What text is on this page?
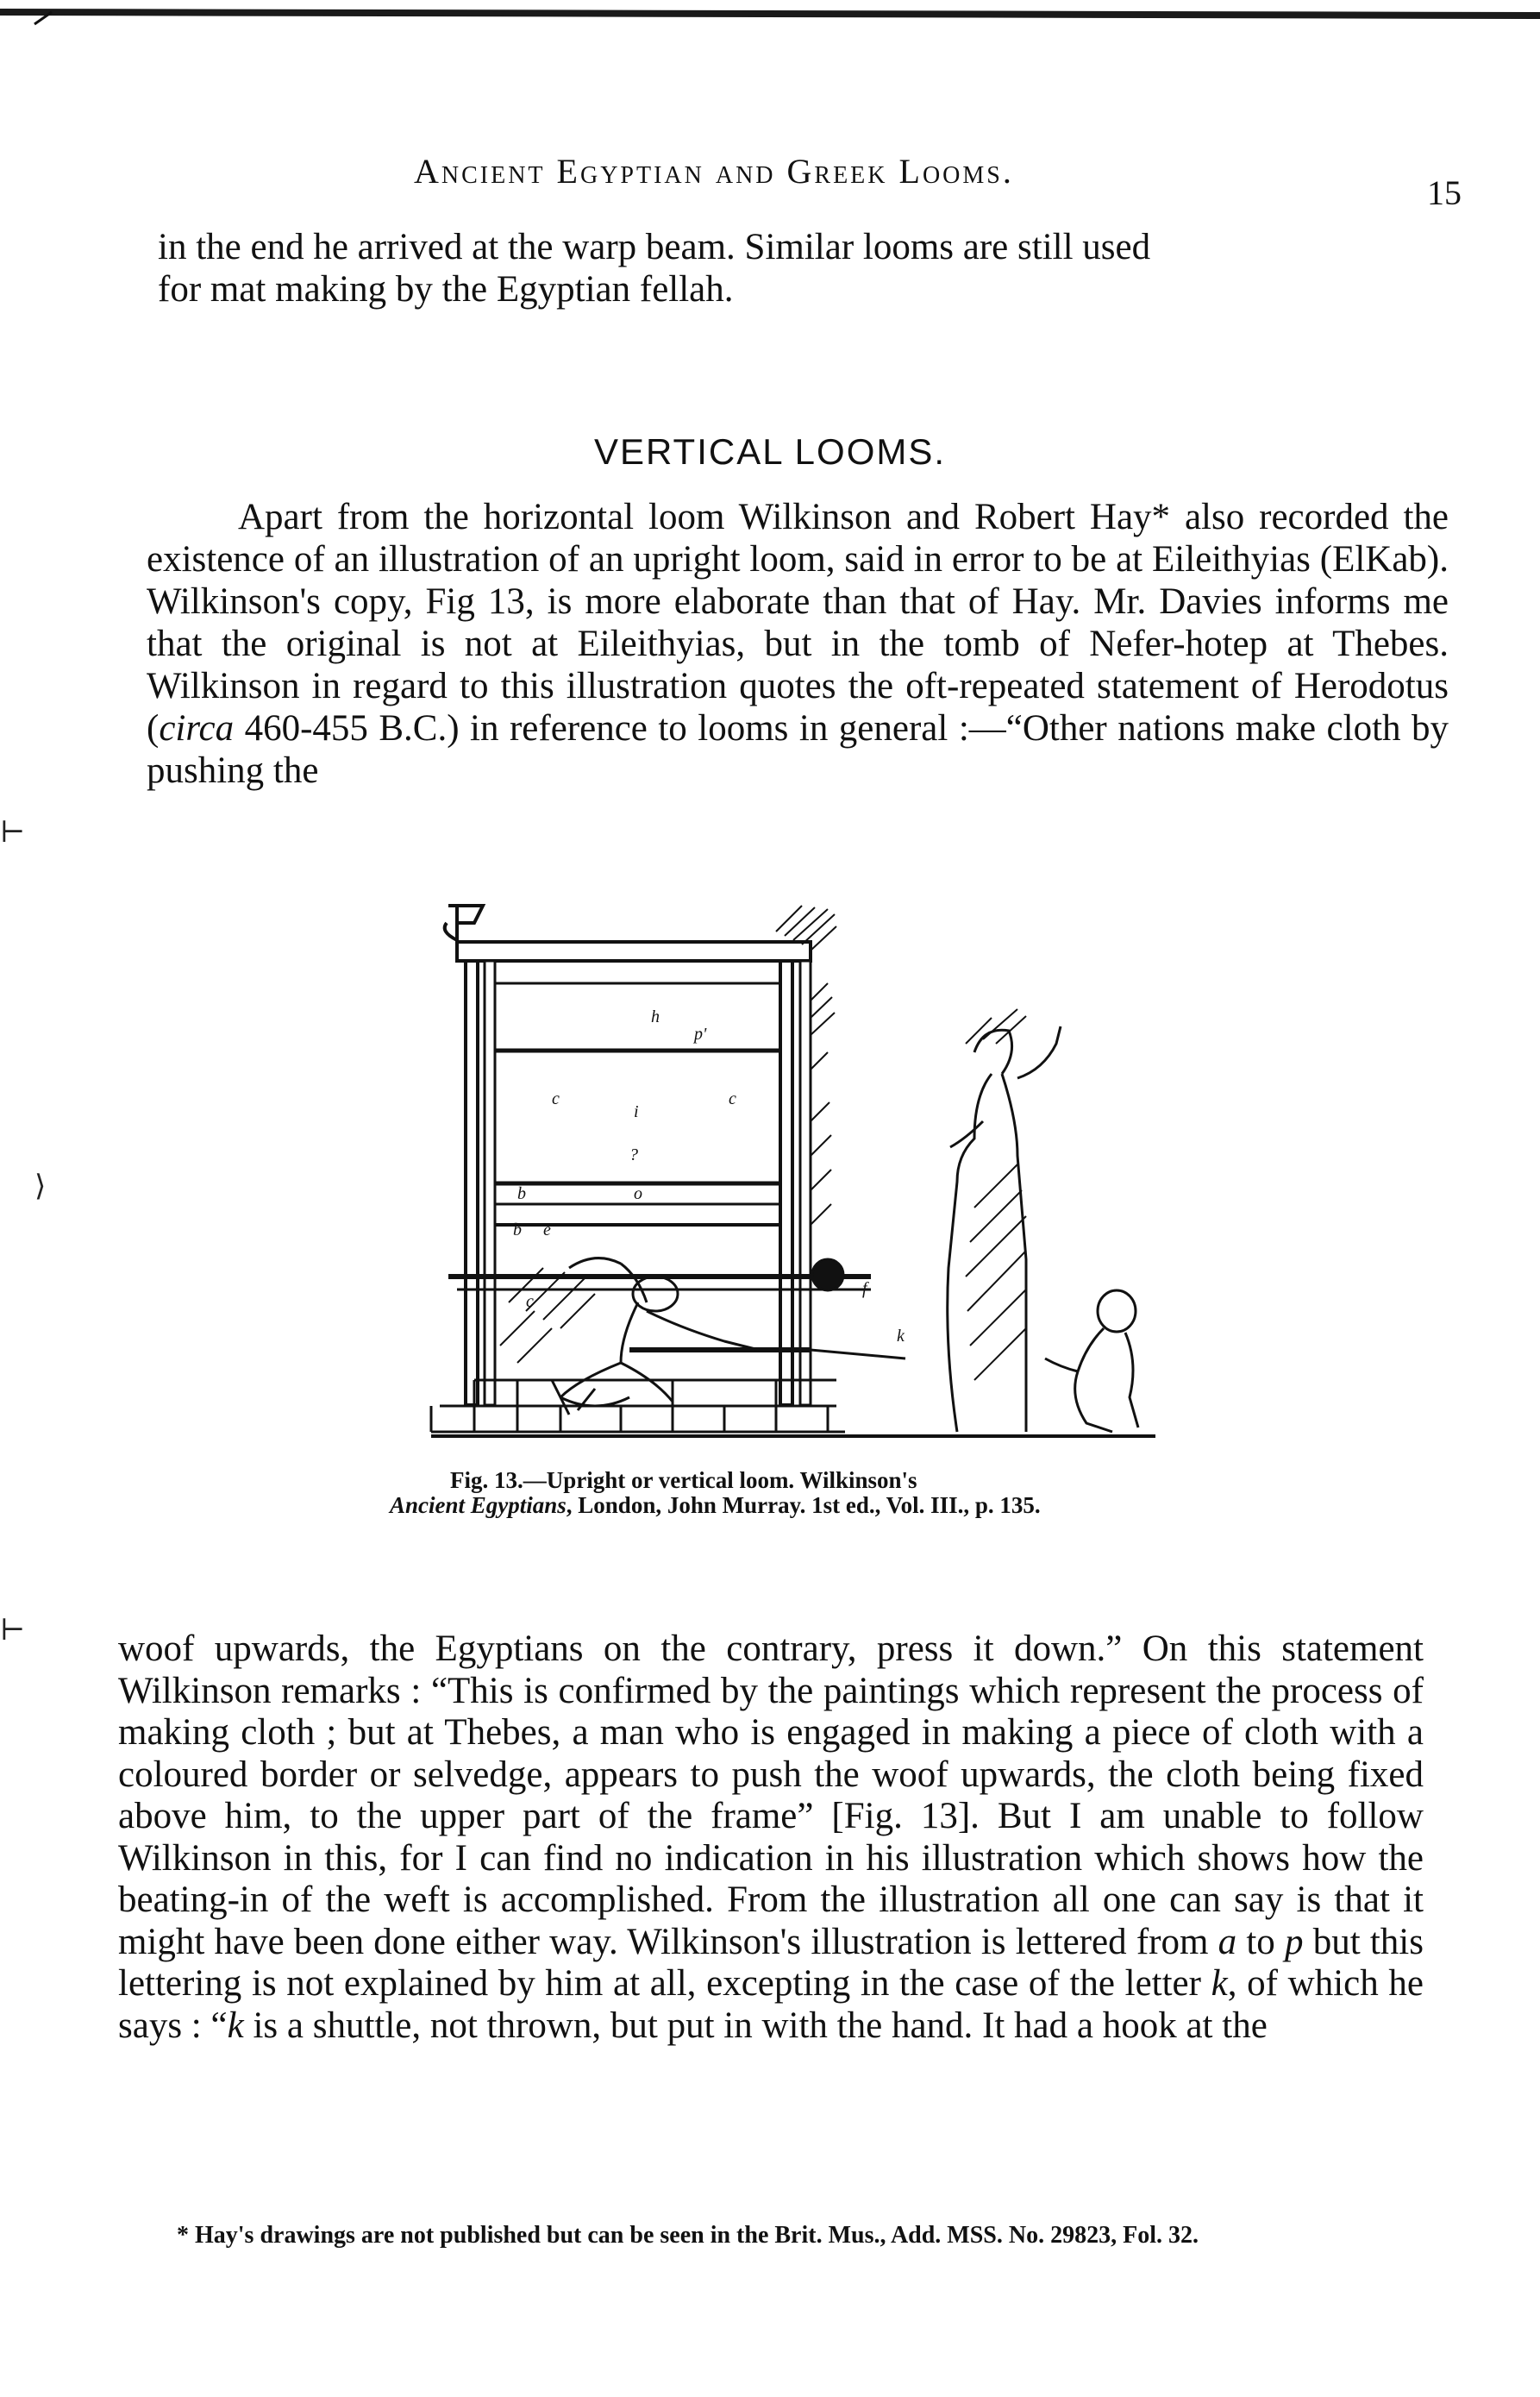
Ancient Egyptian and Greek Looms.
15
in the end he arrived at the warp beam. Similar looms are still used
for mat making by the Egyptian fellah.
VERTICAL LOOMS.

Apart from the horizontal loom Wilkinson and Robert Hay* also recorded the existence of an illustration of an upright loom, said in error to be at Eileithyias (ElKab). Wilkinson's copy, Fig 13, is more elaborate than that of Hay. Mr. Davies informs me that the original is not at Eileithyias, but in the tomb of Nefer-hotep at Thebes. Wilkinson in regard to this illustration quotes the oft-repeated statement of Herodotus (circa 460-455 B.C.) in reference to looms in general :—“Other nations make cloth by pushing the

h
p'
c	c
i
?
b	o
b e
c
f
k
Fig. 13.—Upright or vertical loom. Wilkinson's
Ancient Egyptians, London, John Murray. 1st ed., Vol. III., p. 135.

woof upwards, the Egyptians on the contrary, press it down.” On this statement Wilkinson remarks : “This is confirmed by the paintings which represent the process of making cloth ; but at Thebes, a man who is engaged in making a piece of cloth with a coloured border or selvedge, appears to push the woof upwards, the cloth being fixed above him, to the upper part of the frame” [Fig. 13]. But I am unable to follow Wilkinson in this, for I can find no indication in his illustration which shows how the beating-in of the weft is accomplished. From the illustration all one can say is that it might have been done either way. Wilkinson's illustration is lettered from a to p but this lettering is not explained by him at all, excepting in the case of the letter k, of which he says : “k is a shuttle, not thrown, but put in with the hand. It had a hook at the

* Hay's drawings are not published but can be seen in the Brit. Mus., Add. MSS. No. 29823, Fol. 32.
⟩
⊢
⊢
